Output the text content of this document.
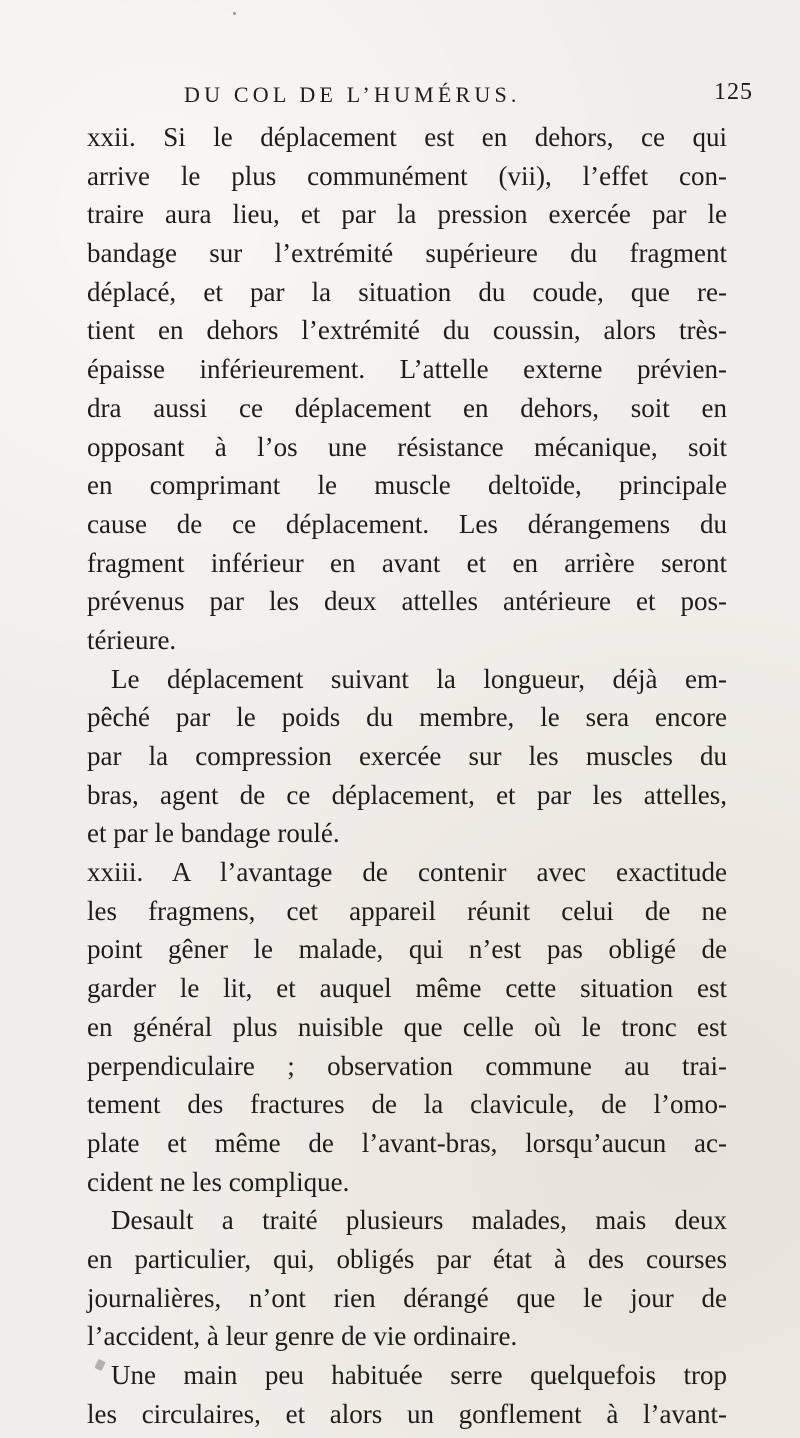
DU COL DE L’HUMÉRUS.	125
xxii. Si le déplacement est en dehors, ce qui
arrive le plus communément (vii), l’effet con-
traire aura lieu, et par la pression exercée par le
bandage sur l’extrémité supérieure du fragment
déplacé, et par la situation du coude, que re-
tient en dehors l’extrémité du coussin, alors très-
épaisse inférieurement. L’attelle externe prévien-
dra aussi ce déplacement en dehors, soit en
opposant à l’os une résistance mécanique, soit
en comprimant le muscle deltoïde, principale
cause de ce déplacement. Les dérangemens du
fragment inférieur en avant et en arrière seront
prévenus par les deux attelles antérieure et pos-
térieure.
Le déplacement suivant la longueur, déjà em-
pêché par le poids du membre, le sera encore
par la compression exercée sur les muscles du
bras, agent de ce déplacement, et par les attelles,
et par le bandage roulé.
xxiii. A l’avantage de contenir avec exactitude
les fragmens, cet appareil réunit celui de ne
point gêner le malade, qui n’est pas obligé de
garder le lit, et auquel même cette situation est
en général plus nuisible que celle où le tronc est
perpendiculaire ; observation commune au trai-
tement des fractures de la clavicule, de l’omo-
plate et même de l’avant-bras, lorsqu’aucun ac-
cident ne les complique.
Desault a traité plusieurs malades, mais deux
en particulier, qui, obligés par état à des courses
journalières, n’ont rien dérangé que le jour de
l’accident, à leur genre de vie ordinaire.
Une main peu habituée serre quelquefois trop
les circulaires, et alors un gonflement à l’avant-
